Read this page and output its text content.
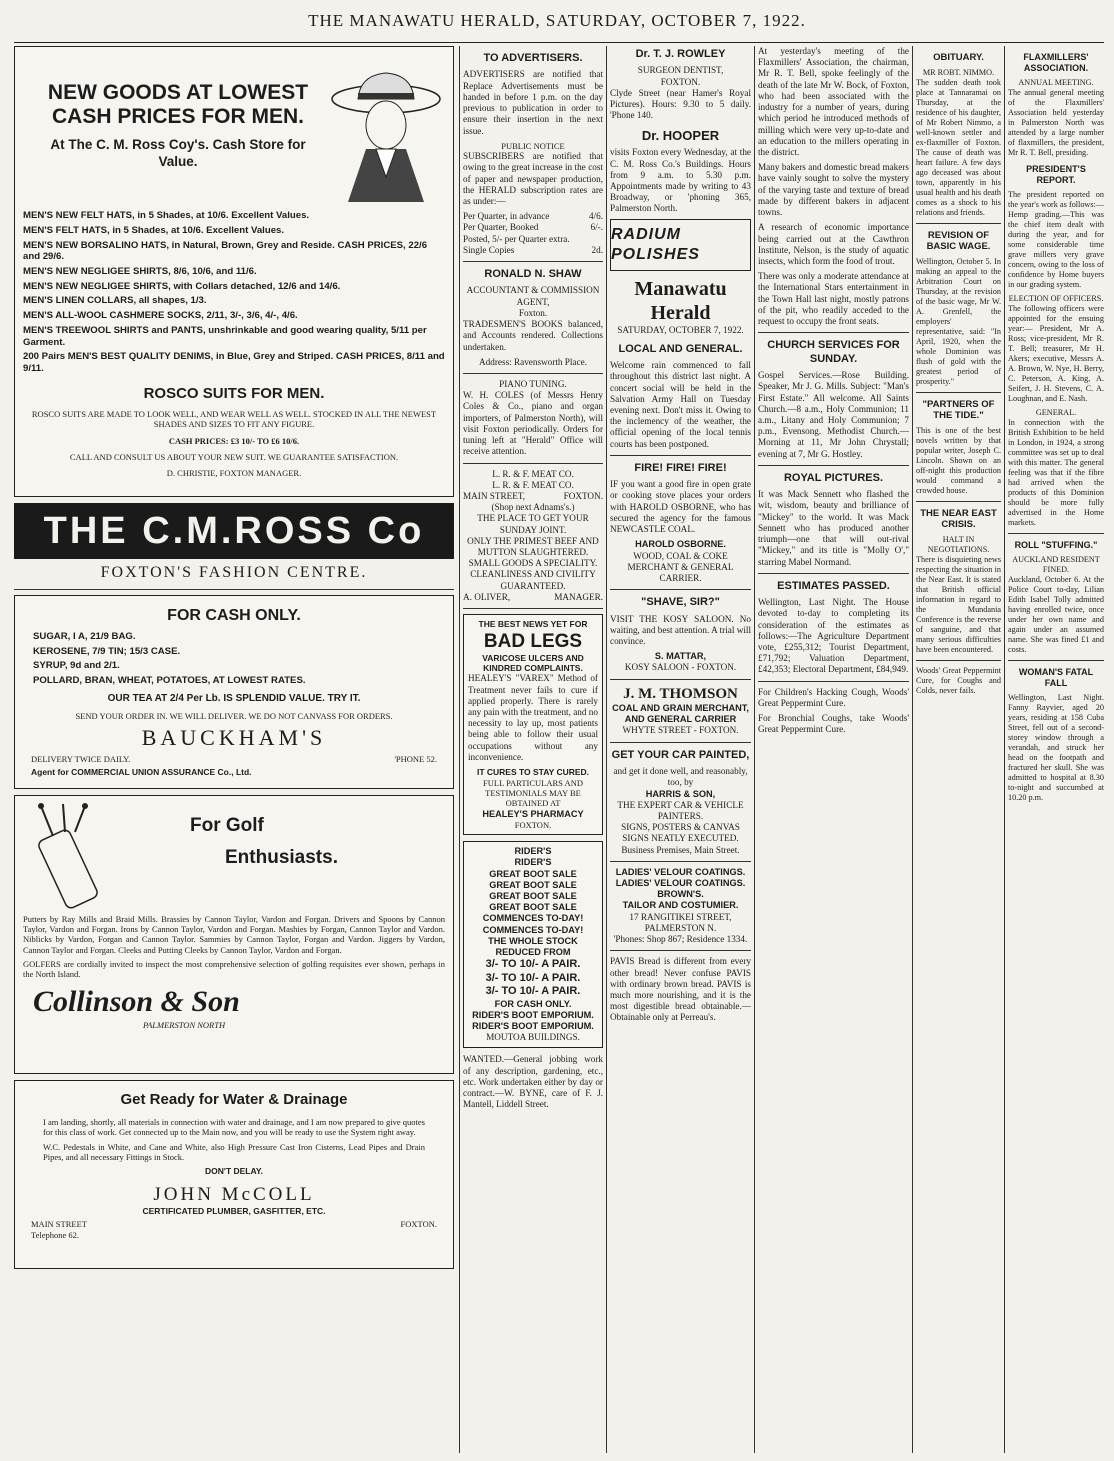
THE MANAWATU HERALD, SATURDAY, OCTOBER 7, 1922.
NEW GOODS AT LOWEST CASH PRICES FOR MEN.
At The C. M. Ross Coy's. Cash Store for Value.
MEN'S NEW FELT HATS, in 5 Shades, at 10/6. Excellent Values.
MEN'S FELT HATS, in 5 Shades, at 10/6. Excellent Values.
MEN'S NEW BORSALINO HATS, in Natural, Brown, Grey and Reside. CASH PRICES, 22/6 and 29/6.
MEN'S NEW NEGLIGEE SHIRTS, 8/6, 10/6, and 11/6.
MEN'S NEW NEGLIGEE SHIRTS, with Collars detached, 12/6 and 14/6.
MEN'S LINEN COLLARS, all shapes, 1/3.
MEN'S ALL-WOOL CASHMERE SOCKS, 2/11, 3/-, 3/6, 4/-, 4/6.
MEN'S TREEWOOL SHIRTS and PANTS, unshrinkable and good wearing quality, 5/11 per Garment.
200 Pairs MEN'S BEST QUALITY DENIMS, in Blue, Grey and Striped. CASH PRICES, 8/11 and 9/11.
ROSCO SUITS FOR MEN.
ROSCO SUITS ARE MADE TO LOOK WELL, AND WEAR WELL AS WELL. STOCKED IN ALL THE NEWEST SHADES AND SIZES TO FIT ANY FIGURE.
CASH PRICES: £3 10/- TO £6 10/6.
CALL AND CONSULT US ABOUT YOUR NEW SUIT. WE GUARANTEE SATISFACTION.
D. CHRISTIE, FOXTON MANAGER.
THE C.M.ROSS Co
FOXTON'S FASHION CENTRE.
FOR CASH ONLY.
SUGAR, I A, 21/9 BAG.
KEROSENE, 7/9 TIN; 15/3 CASE.
SYRUP, 9d and 2/1.
POLLARD, BRAN, WHEAT, POTATOES, AT LOWEST RATES.
OUR TEA AT 2/4 Per Lb. IS SPLENDID VALUE. TRY IT.
SEND YOUR ORDER IN. WE WILL DELIVER. WE DO NOT CANVASS FOR ORDERS.
BAUCKHAM'S
DELIVERY TWICE DAILY.	'PHONE 52.
Agent for COMMERCIAL UNION ASSURANCE Co., Ltd.
For Golf
Enthusiasts.

Putters by Ray Mills and Braid Mills. Brassies by Cannon Taylor, Vardon and Forgan. Drivers and Spoons by Cannon Taylor, Vardon and Forgan. Irons by Cannon Taylor, Vardon and Forgan. Mashies by Forgan, Cannon Taylor and Vardon. Niblicks by Vardon, Forgan and Cannon Taylor. Sammies by Cannon Taylor, Forgan and Vardon. Jiggers by Vardon, Cannon Taylor and Forgan. Cleeks and Putting Cleeks by Cannon Taylor, Vardon and Forgan.

GOLFERS are cordially invited to inspect the most comprehensive selection of golfing requisites ever shown, perhaps in the North Island.

Collinson & Son
PALMERSTON NORTH
Get Ready for Water & Drainage

I am landing, shortly, all materials in connection with water and drainage, and I am now prepared to give quotes for this class of work. Get connected up to the Main now, and you will be ready to use the System right away.

W.C. Pedestals in White, and Cane and White, also High Pressure Cast Iron Cisterns, Lead Pipes and Drain Pipes, and all necessary Fittings in Stock.

DON'T DELAY.
JOHN McCOLL
CERTIFICATED PLUMBER, GASFITTER, ETC.
MAIN STREET	FOXTON.
Telephone 62.
TO ADVERTISERS.

ADVERTISERS are notified that Replace Advertisements must be handed in before 1 p.m. on the day previous to publication in order to ensure their insertion in the next issue.

PUBLIC NOTICE

SUBSCRIBERS are notified that owing to the great increase in the cost of paper and newspaper production, the HERALD subscription rates are as under:—

Per Quarter, in advance	4/6.
Per Quarter, Booked	6/-.
Posted, 5/- per Quarter extra.
Single Copies	2d.
RONALD N. SHAW
ACCOUNTANT & COMMISSION AGENT,
Foxton.

TRADESMEN'S BOOKS balanced, and Accounts rendered. Collections undertaken.

Address: Ravensworth Place.
PIANO TUNING.

W. H. COLES (of Messrs Henry Coles & Co., piano and organ importers, of Palmerston North), will visit Foxton periodically. Orders for tuning left at "Herald" Office will receive attention.

L. R. & F. MEAT CO.
L. R. & F. MEAT CO.
MAIN STREET,	FOXTON.
(Shop next Adnams's.)
THE PLACE TO GET YOUR SUNDAY JOINT.
ONLY THE PRIMEST BEEF AND MUTTON SLAUGHTERED.
SMALL GOODS A SPECIALITY.
CLEANLINESS AND CIVILITY GUARANTEED.
A. OLIVER,	MANAGER.
THE BEST NEWS YET FOR
BAD LEGS
VARICOSE ULCERS AND KINDRED COMPLAINTS.

HEALEY'S "VAREX" Method of Treatment never fails to cure if applied properly. There is rarely any pain with the treatment, and no necessity to lay up, most patients being able to follow their usual occupations without any inconvenience.

IT CURES TO STAY CURED.
FULL PARTICULARS AND TESTIMONIALS MAY BE OBTAINED AT
HEALEY'S PHARMACY
FOXTON.
RIDER'S
RIDER'S
GREAT BOOT SALE
GREAT BOOT SALE
GREAT BOOT SALE
GREAT BOOT SALE
COMMENCES TO-DAY!
COMMENCES TO-DAY!
THE WHOLE STOCK
REDUCED FROM
3/- TO 10/- A PAIR.
3/- TO 10/- A PAIR.
3/- TO 10/- A PAIR.
FOR CASH ONLY.
RIDER'S BOOT EMPORIUM.
RIDER'S BOOT EMPORIUM.
MOUTOA BUILDINGS.

WANTED.—General jobbing work of any description, gardening, etc., etc. Work undertaken either by day or contract.—W. BYNE, care of F. J. Mantell, Liddell Street.

Dr. T. J. ROWLEY
SURGEON DENTIST,
FOXTON.

Clyde Street (near Hamer's Royal Pictures). Hours: 9.30 to 5 daily. 'Phone 140.

Dr. HOOPER

visits Foxton every Wednesday, at the C. M. Ross Co.'s Buildings. Hours from 9 a.m. to 5.30 p.m. Appointments made by writing to 43 Broadway, or 'phoning 365, Palmerston North.

RADIUM POLISHES
Manawatu Herald
SATURDAY, OCTOBER 7, 1922.
LOCAL AND GENERAL.

Welcome rain commenced to fall throughout this district last night. A concert social will be held in the Salvation Army Hall on Tuesday evening next. Don't miss it. Owing to the inclemency of the weather, the official opening of the local tennis courts has been postponed.

FIRE! FIRE! FIRE!

IF you want a good fire in open grate or cooking stove places your orders with HAROLD OSBORNE, who has secured the agency for the famous NEWCASTLE COAL.

HAROLD OSBORNE.
WOOD, COAL & COKE MERCHANT & GENERAL CARRIER.
"SHAVE, SIR?"

VISIT THE KOSY SALOON. No waiting, and best attention. A trial will convince.

S. MATTAR,
KOSY SALOON - FOXTON.
J. M. THOMSON
COAL AND GRAIN MERCHANT, AND GENERAL CARRIER
WHYTE STREET - FOXTON.
GET YOUR CAR PAINTED,
and get it done well, and reasonably, too, by
HARRIS & SON,
THE EXPERT CAR & VEHICLE PAINTERS.
SIGNS, POSTERS & CANVAS SIGNS NEATLY EXECUTED.
Business Premises, Main Street.
LADIES' VELOUR COATINGS.
LADIES' VELOUR COATINGS.
BROWN'S.
TAILOR AND COSTUMIER.
17 RANGITIKEI STREET,
PALMERSTON N.
'Phones: Shop 867; Residence 1334.

PAVIS Bread is different from every other bread! Never confuse PAVIS with ordinary brown bread. PAVIS is much more nourishing, and it is the most digestible bread obtainable.—Obtainable only at Perreau's.

At yesterday's meeting of the Flaxmillers' Association, the chairman, Mr R. T. Bell, spoke feelingly of the death of the late Mr W. Bock, of Foxton, who had been associated with the industry for a number of years, during which period he introduced methods of milling which were very up-to-date and an education to the millers operating in the district.

Many bakers and domestic bread makers have vainly sought to solve the mystery of the varying taste and texture of bread made by different bakers in adjacent towns.

A research of economic importance being carried out at the Cawthron Institute, Nelson, is the study of aquatic insects, which form the food of trout.

There was only a moderate attendance at the International Stars entertainment in the Town Hall last night, mostly patrons of the pit, who readily acceded to the request to occupy the front seats.

CHURCH SERVICES FOR SUNDAY.

Gospel Services.—Rose Building. Speaker, Mr J. G. Mills. Subject: "Man's First Estate." All welcome. All Saints Church.—8 a.m., Holy Communion; 11 a.m., Litany and Holy Communion; 7 p.m., Evensong. Methodist Church.—Morning at 11, Mr John Chrystall; evening at 7, Mr G. Hostley.

ROYAL PICTURES.

It was Mack Sennett who flashed the wit, wisdom, beauty and brilliance of "Mickey" to the world. It was Mack Sennett who has produced another triumph—one that will out-rival "Mickey," and its title is "Molly O'," starring Mabel Normand.

ESTIMATES PASSED.

Wellington, Last Night. The House devoted to-day to completing its consideration of the estimates as follows:—The Agriculture Department vote, £255,312; Tourist Department, £71,792; Valuation Department, £42,353; Electoral Department, £84,949.

For Children's Hacking Cough, Woods' Great Peppermint Cure.

For Bronchial Coughs, take Woods' Great Peppermint Cure.

OBITUARY.
MR ROBT. NIMMO.

The sudden death took place at Tannaramai on Thursday, at the residence of his daughter, of Mr Robert Nimmo, a well-known settler and ex-flaxmiller of Foxton. The cause of death was heart failure. A few days ago deceased was about town, apparently in his usual health and his death comes as a shock to his relations and friends.

REVISION OF BASIC WAGE.

Wellington, October 5. In making an appeal to the Arbitration Court on Thursday, at the revision of the basic wage, Mr W. A. Grenfell, the employers' representative, said: "In April, 1920, when the whole Dominion was flush of gold with the greatest period of prosperity."

"PARTNERS OF THE TIDE."

This is one of the best novels written by that popular writer, Joseph C. Lincoln. Shown on an off-night this production would command a crowded house.

THE NEAR EAST CRISIS.
HALT IN NEGOTIATIONS.

There is disquieting news respecting the situation in the Near East. It is stated that British official information in regard to the Mundania Conference is the reverse of sanguine, and that many serious difficulties have been encountered.

Woods' Great Peppermint Cure, for Coughs and Colds, never fails.

FLAXMILLERS' ASSOCIATION.
ANNUAL MEETING.

The annual general meeting of the Flaxmillers' Association held yesterday in Palmerston North was attended by a large number of flaxmillers, the president, Mr R. T. Bell, presiding.

PRESIDENT'S REPORT.

The president reported on the year's work as follows:— Hemp grading.—This was the chief item dealt with during the year, and for some considerable time grave millers very grave concern, owing to the loss of confidence by Home buyers in our grading system.

ELECTION OF OFFICERS.

The following officers were appointed for the ensuing year:— President, Mr A. Ross; vice-president, Mr R. T. Bell; treasurer, Mr H. Akers; executive, Messrs A. A. Brown, W. Nye, H. Berry, C. Peterson, A. King, A. Seifert, J. H. Stevens, C. A. Loughnan, and E. Nash.

GENERAL.

In connection with the British Exhibition to be held in London, in 1924, a strong committee was set up to deal with this matter. The general feeling was that if the fibre had arrived when the products of this Dominion should be more fully advertised in the Home markets.

ROLL "STUFFING."
AUCKLAND RESIDENT FINED.

Auckland, October 6. At the Police Court to-day, Lilian Edith Isabel Tolly admitted having enrolled twice, once under her own name and again under an assumed name. She was fined £1 and costs.

WOMAN'S FATAL FALL

Wellington, Last Night. Fanny Rayvier, aged 20 years, residing at 158 Cuba Street, fell out of a second-storey window through a verandah, and struck her head on the footpath and fractured her skull. She was admitted to hospital at 8.30 to-night and succumbed at 10.20 p.m.
